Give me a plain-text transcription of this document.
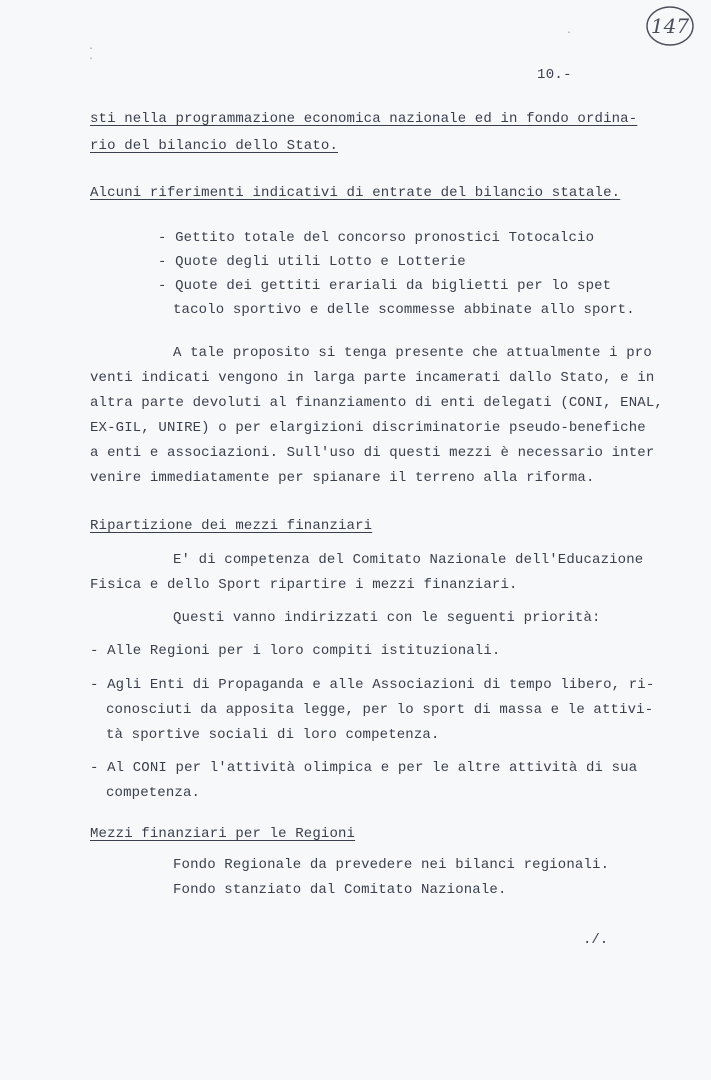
147
·
·
·
10.-
sti nella programmazione economica nazionale ed in fondo ordina-
rio del bilancio dello Stato.
Alcuni riferimenti indicativi di entrate del bilancio statale.
- Gettito totale del concorso pronostici Totocalcio
- Quote degli utili Lotto e Lotterie
- Quote dei gettiti erariali da biglietti per lo spet
tacolo sportivo e delle scommesse abbinate allo sport.
A tale proposito si tenga presente che attualmente i pro
venti indicati vengono in larga parte incamerati dallo Stato, e in
altra parte devoluti al finanziamento di enti delegati (CONI, ENAL,
EX-GIL, UNIRE) o per elargizioni discriminatorie pseudo-benefiche
a enti e associazioni. Sull'uso di questi mezzi è necessario inter
venire immediatamente per spianare il terreno alla riforma.
Ripartizione dei mezzi finanziari
E' di competenza del Comitato Nazionale dell'Educazione
Fisica e dello Sport ripartire i mezzi finanziari.
Questi vanno indirizzati con le seguenti priorità:
- Alle Regioni per i loro compiti istituzionali.
- Agli Enti di Propaganda e alle Associazioni di tempo libero, ri-
conosciuti da apposita legge, per lo sport di massa e le attivi-
tà sportive sociali di loro competenza.
- Al CONI per l'attività olimpica e per le altre attività di sua
competenza.
Mezzi finanziari per le Regioni
Fondo Regionale da prevedere nei bilanci regionali.
Fondo stanziato dal Comitato Nazionale.
./.
